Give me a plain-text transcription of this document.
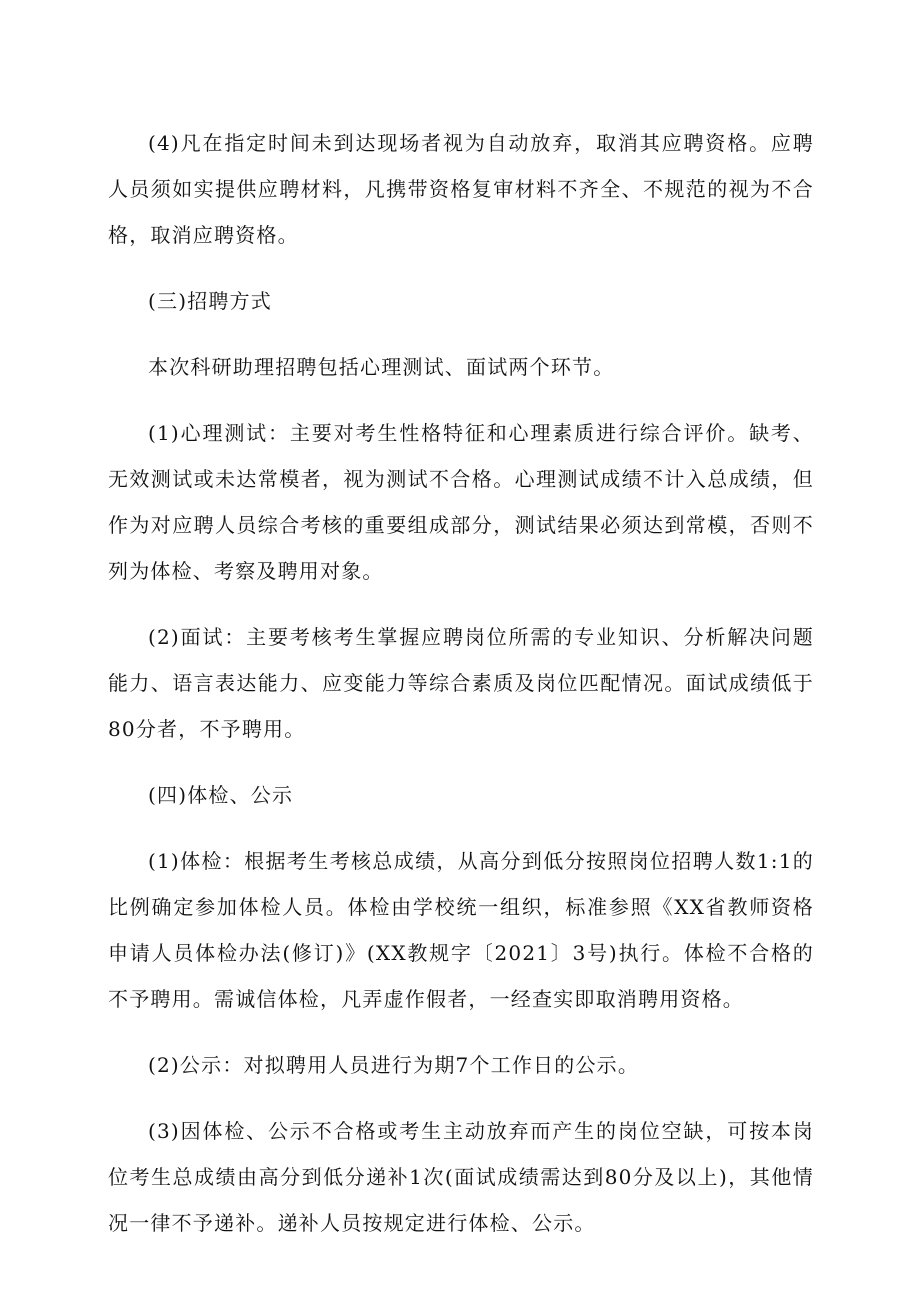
(4)凡在指定时间未到达现场者视为自动放弃，取消其应聘资格。应聘人员须如实提供应聘材料，凡携带资格复审材料不齐全、不规范的视为不合格，取消应聘资格。

(三)招聘方式

本次科研助理招聘包括心理测试、面试两个环节。

(1)心理测试：主要对考生性格特征和心理素质进行综合评价。缺考、无效测试或未达常模者，视为测试不合格。心理测试成绩不计入总成绩，但作为对应聘人员综合考核的重要组成部分，测试结果必须达到常模，否则不列为体检、考察及聘用对象。

(2)面试：主要考核考生掌握应聘岗位所需的专业知识、分析解决问题能力、语言表达能力、应变能力等综合素质及岗位匹配情况。面试成绩低于80分者，不予聘用。

(四)体检、公示

(1)体检：根据考生考核总成绩，从高分到低分按照岗位招聘人数1:1的比例确定参加体检人员。体检由学校统一组织，标准参照《XX省教师资格申请人员体检办法(修订)》(XX教规字〔2021〕3号)执行。体检不合格的不予聘用。需诚信体检，凡弄虚作假者，一经查实即取消聘用资格。

(2)公示：对拟聘用人员进行为期7个工作日的公示。

(3)因体检、公示不合格或考生主动放弃而产生的岗位空缺，可按本岗位考生总成绩由高分到低分递补1次(面试成绩需达到80分及以上)，其他情况一律不予递补。递补人员按规定进行体检、公示。
